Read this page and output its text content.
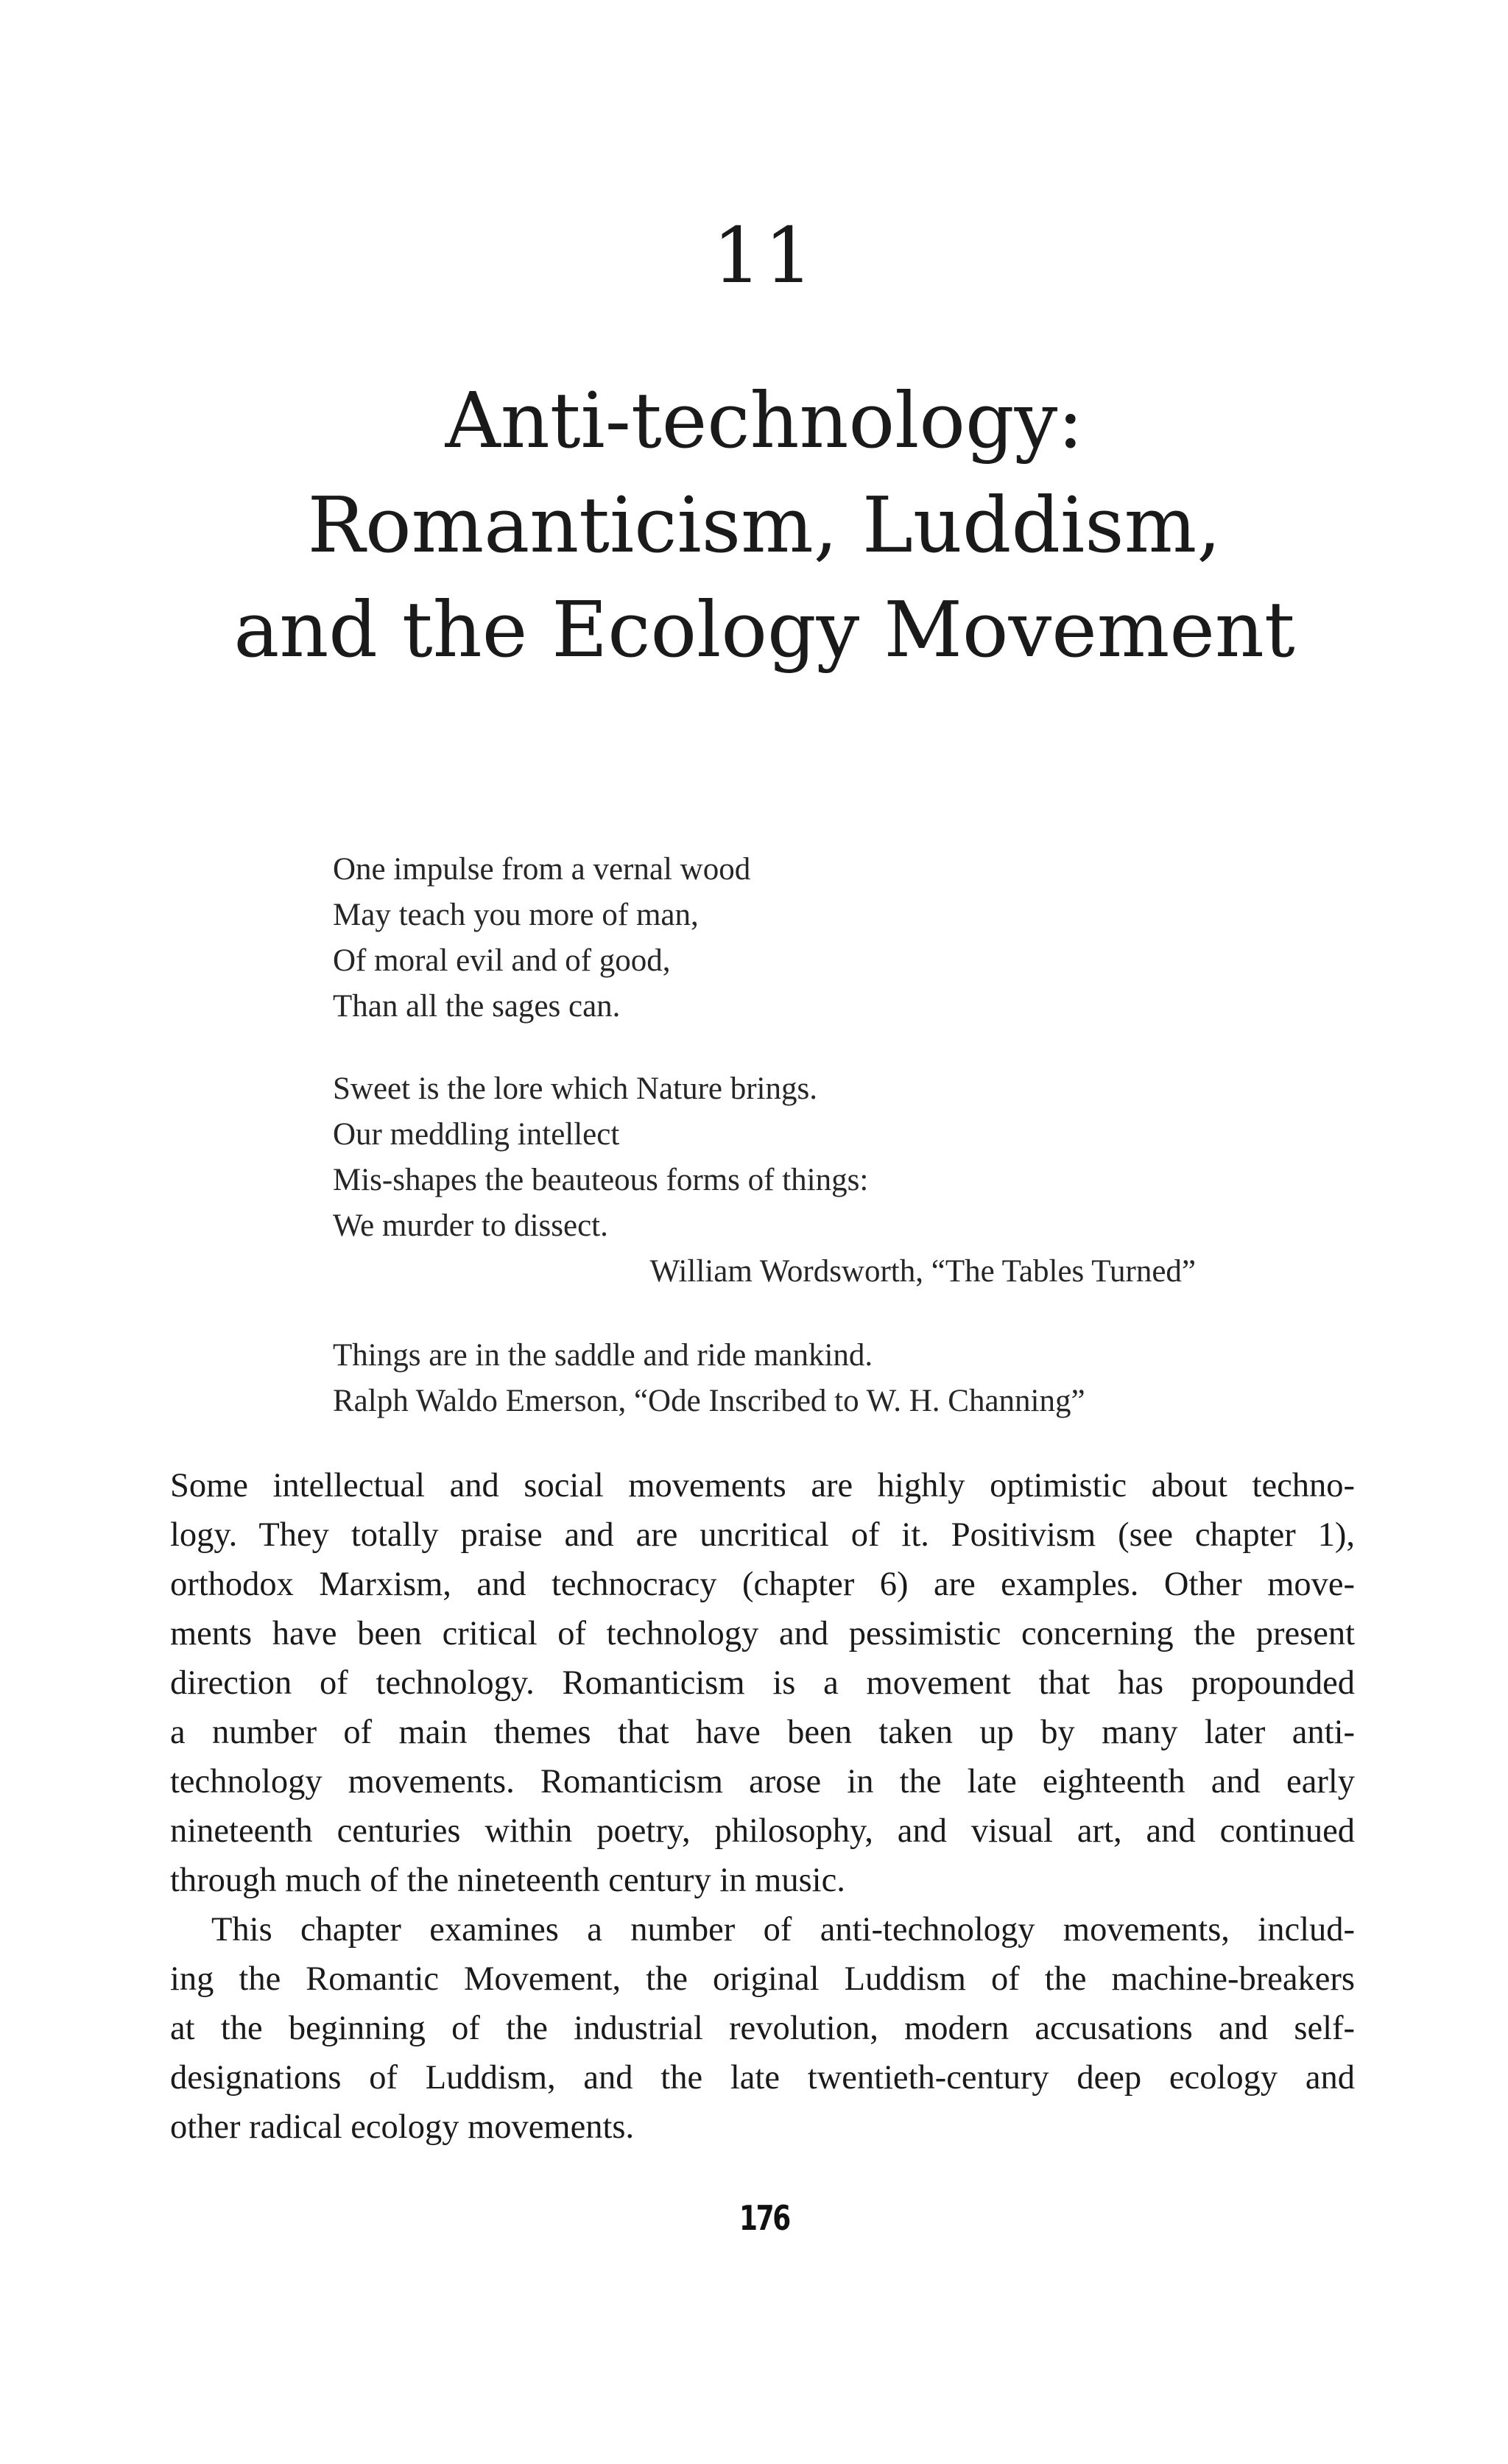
11
Anti-technology:
Romanticism, Luddism,
and the Ecology Movement
One impulse from a vernal wood
May teach you more of man,
Of moral evil and of good,
Than all the sages can.
Sweet is the lore which Nature brings.
Our meddling intellect
Mis-shapes the beauteous forms of things:
We murder to dissect.
William Wordsworth, “The Tables Turned”
Things are in the saddle and ride mankind.
Ralph Waldo Emerson, “Ode Inscribed to W. H. Channing”
Some intellectual and social movements are highly optimistic about techno-
logy. They totally praise and are uncritical of it. Positivism (see chapter 1),
orthodox Marxism, and technocracy (chapter 6) are examples. Other move-
ments have been critical of technology and pessimistic concerning the present
direction of technology. Romanticism is a movement that has propounded
a number of main themes that have been taken up by many later anti-
technology movements. Romanticism arose in the late eighteenth and early
nineteenth centuries within poetry, philosophy, and visual art, and continued
through much of the nineteenth century in music.
This chapter examines a number of anti-technology movements, includ-
ing the Romantic Movement, the original Luddism of the machine-breakers
at the beginning of the industrial revolution, modern accusations and self-
designations of Luddism, and the late twentieth-century deep ecology and
other radical ecology movements.
176
